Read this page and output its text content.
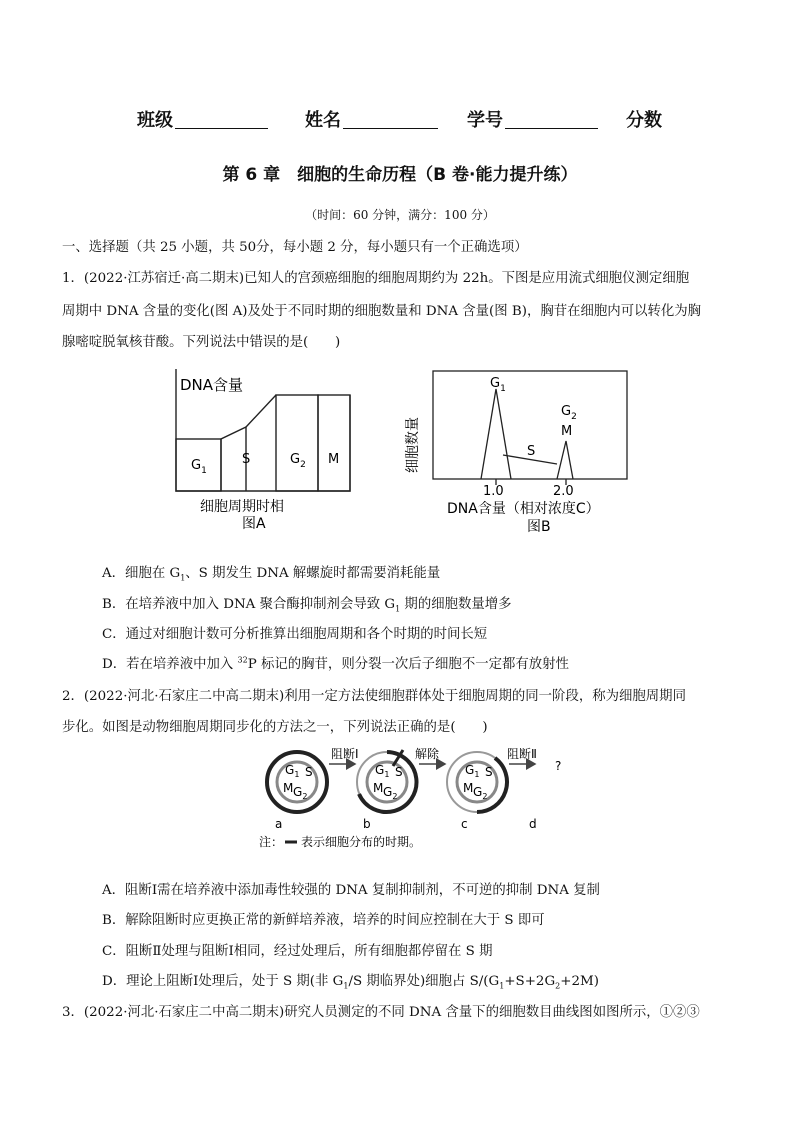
班级	姓名	学号	分数
第 6 章　细胞的生命历程（B 卷·能力提升练）
（时间：60 分钟，满分：100 分）
一、选择题（共 25 小题，共 50分，每小题 2 分，每小题只有一个正确选项）
1．(2022·江苏宿迁·高二期末)已知人的宫颈癌细胞的细胞周期约为 22h。下图是应用流式细胞仪测定细胞
周期中 DNA 含量的变化(图 A)及处于不同时期的细胞数量和 DNA 含量(图 B)，胸苷在细胞内可以转化为胸
腺嘧啶脱氧核苷酸。下列说法中错误的是(　　)
DNA含量
$G_1$
S	$G_2$ M
细胞周期时相
图A
$G_1$
$G_2$
M
S
细胞数量
1.0	2.0
DNA含量（相对浓度C）
图B
A．细胞在 $G_1$、S 期发生 DNA 解螺旋时都需要消耗能量
B．在培养液中加入 DNA 聚合酶抑制剂会导致 $G_1$ 期的细胞数量增多
C．通过对细胞计数可分析推算出细胞周期和各个时期的时间长短
D．若在培养液中加入 $^{32}$P 标记的胸苷，则分裂一次后子细胞不一定都有放射性
2．(2022·河北·石家庄二中高二期末)利用一定方法使细胞群体处于细胞周期的同一阶段，称为细胞周期同
步化。如图是动物细胞周期同步化的方法之一，下列说法正确的是(　　)
$G_1$ S
M $G_2$
$G_1$ S
M $G_2$
$G_1$ S
M $G_2$
阻断Ⅰ	解除	阻断Ⅱ
?
a	b	c	d
注： 表示细胞分布的时期。
A．阻断Ⅰ需在培养液中添加毒性较强的 DNA 复制抑制剂，不可逆的抑制 DNA 复制
B．解除阻断时应更换正常的新鲜培养液，培养的时间应控制在大于 S 即可
C．阻断Ⅱ处理与阻断Ⅰ相同，经过处理后，所有细胞都停留在 S 期
D．理论上阻断Ⅰ处理后，处于 S 期(非 $G_1/S$ 期临界处)细胞占 $S/(G_1+S+2G_2+2M)$
3．(2022·河北·石家庄二中高二期末)研究人员测定的不同 DNA 含量下的细胞数目曲线图如图所示，①②③
